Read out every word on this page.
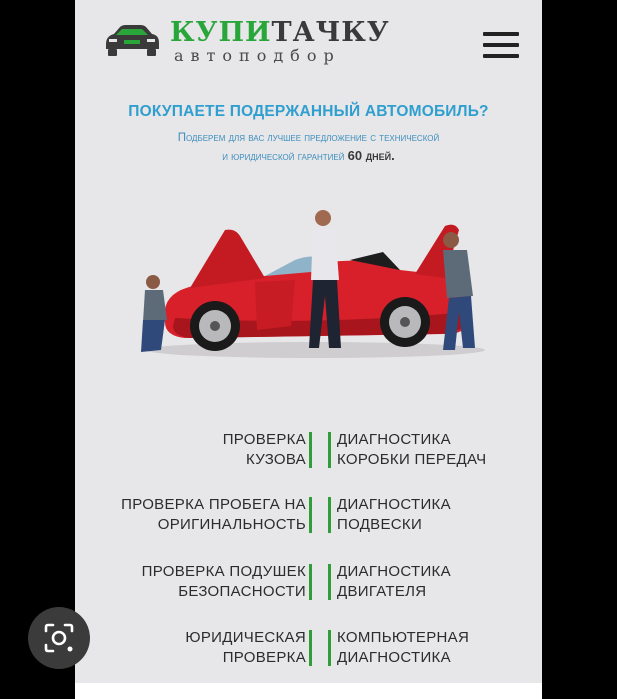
КУПИТАЧКУ
автоподбор
ПОКУПАЕТЕ ПОДЕРЖАННЫЙ АВТОМОБИЛЬ?
Подберем для вас лучшее предложение с технической
и юридической гарантией 60 дней.
ПРОВЕРКА
КУЗОВА
ДИАГНОСТИКА
КОРОБКИ ПЕРЕДАЧ
ПРОВЕРКА ПРОБЕГА НА
ОРИГИНАЛЬНОСТЬ
ДИАГНОСТИКА
ПОДВЕСКИ
ПРОВЕРКА ПОДУШЕК
БЕЗОПАСНОСТИ
ДИАГНОСТИКА
ДВИГАТЕЛЯ
ЮРИДИЧЕСКАЯ
ПРОВЕРКА
КОМПЬЮТЕРНАЯ
ДИАГНОСТИКА
